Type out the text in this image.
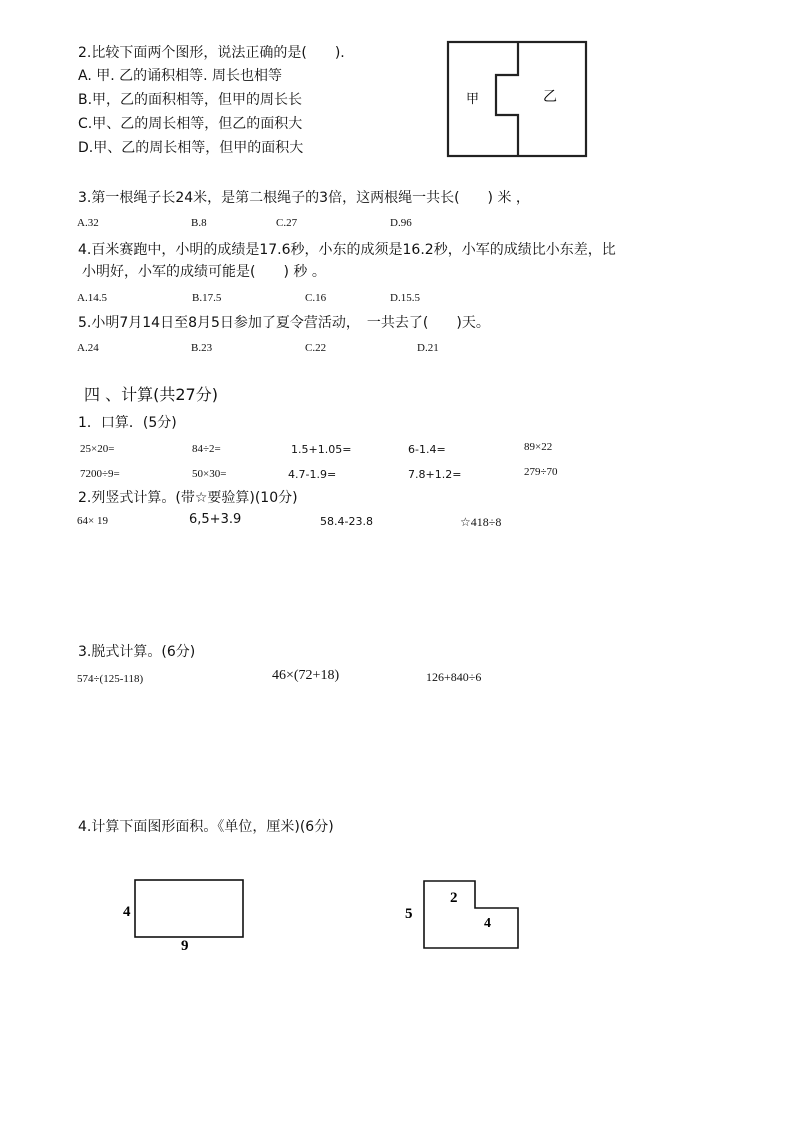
2.比较下面两个图形，说法正确的是(　　).
A. 甲. 乙的诵积相等. 周长也相等
B.甲，乙的面积相等，但甲的周长长
C.甲、乙的周长相等，但乙的面积大
D.甲、乙的周长相等，但甲的面积大
甲	乙
3.第一根绳子长24米，是第二根绳子的3倍，这两根绳一共长(　　) 米 ，
A.32	B.8	C.27	D.96
4.百米赛跑中，小明的成绩是17.6秒，小东的成须是16.2秒，小军的成绩比小东差，比
小明好，小军的成绩可能是(　　) 秒 。
A.14.5	B.17.5	C.16	D.15.5
5.小明7月14日至8月5日参加了夏令营活动，　一共去了(　　)天。
A.24	B.23	C.22	D.21
四 、计算(共27分)
1．口算．(5分)
25×20=	84÷2=	1.5+1.05=	6-1.4=	89×22
7200÷9=	50×30=	4.7-1.9=	7.8+1.2=	279÷70
2.列竖式计算。(带☆要验算)(10分)
64× 19	6,5+3.9	58.4-23.8	☆418÷8
3.脱式计算。(6分)
574÷(125-118)	46×(72+18)	126+840÷6
4.计算下面图形面积。《单位，厘米)(6分)
4
9
5
2
4
